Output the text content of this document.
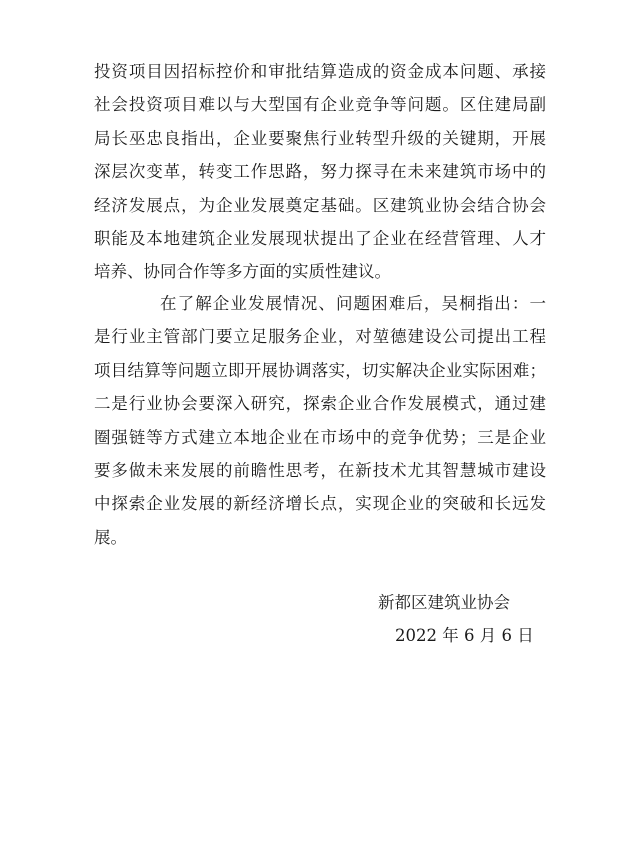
投资项目因招标控价和审批结算造成的资金成本问题、承接
社会投资项目难以与大型国有企业竞争等问题。区住建局副
局长巫忠良指出，企业要聚焦行业转型升级的关键期，开展
深层次变革，转变工作思路，努力探寻在未来建筑市场中的
经济发展点，为企业发展奠定基础。区建筑业协会结合协会
职能及本地建筑企业发展现状提出了企业在经营管理、人才
培养、协同合作等多方面的实质性建议。
在了解企业发展情况、问题困难后，吴桐指出：一
是行业主管部门要立足服务企业，对堃德建设公司提出工程
项目结算等问题立即开展协调落实，切实解决企业实际困难；
二是行业协会要深入研究，探索企业合作发展模式，通过建
圈强链等方式建立本地企业在市场中的竞争优势；三是企业
要多做未来发展的前瞻性思考，在新技术尤其智慧城市建设
中探索企业发展的新经济增长点，实现企业的突破和长远发
展。
新都区建筑业协会
2022 年 6 月 6 日
